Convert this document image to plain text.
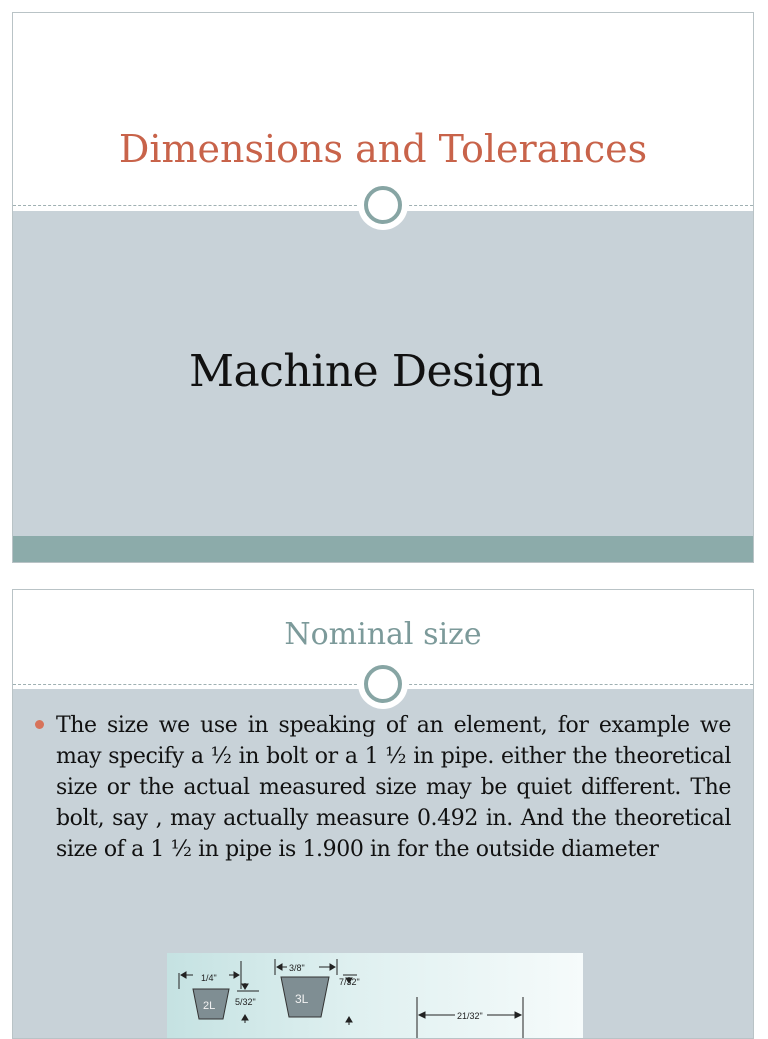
Dimensions and Tolerances
Machine Design
Nominal size
The size we use in speaking of an element, for example we may specify a ½ in bolt or a 1 ½ in pipe. either the theoretical size or the actual measured size may be quiet different. The bolt, say , may actually measure 0.492 in. And the theoretical size of a 1 ½ in pipe is 1.900 in for the outside diameter
1/4"
3/8"
2L	3L
5/32"
7/32"
21/32"
